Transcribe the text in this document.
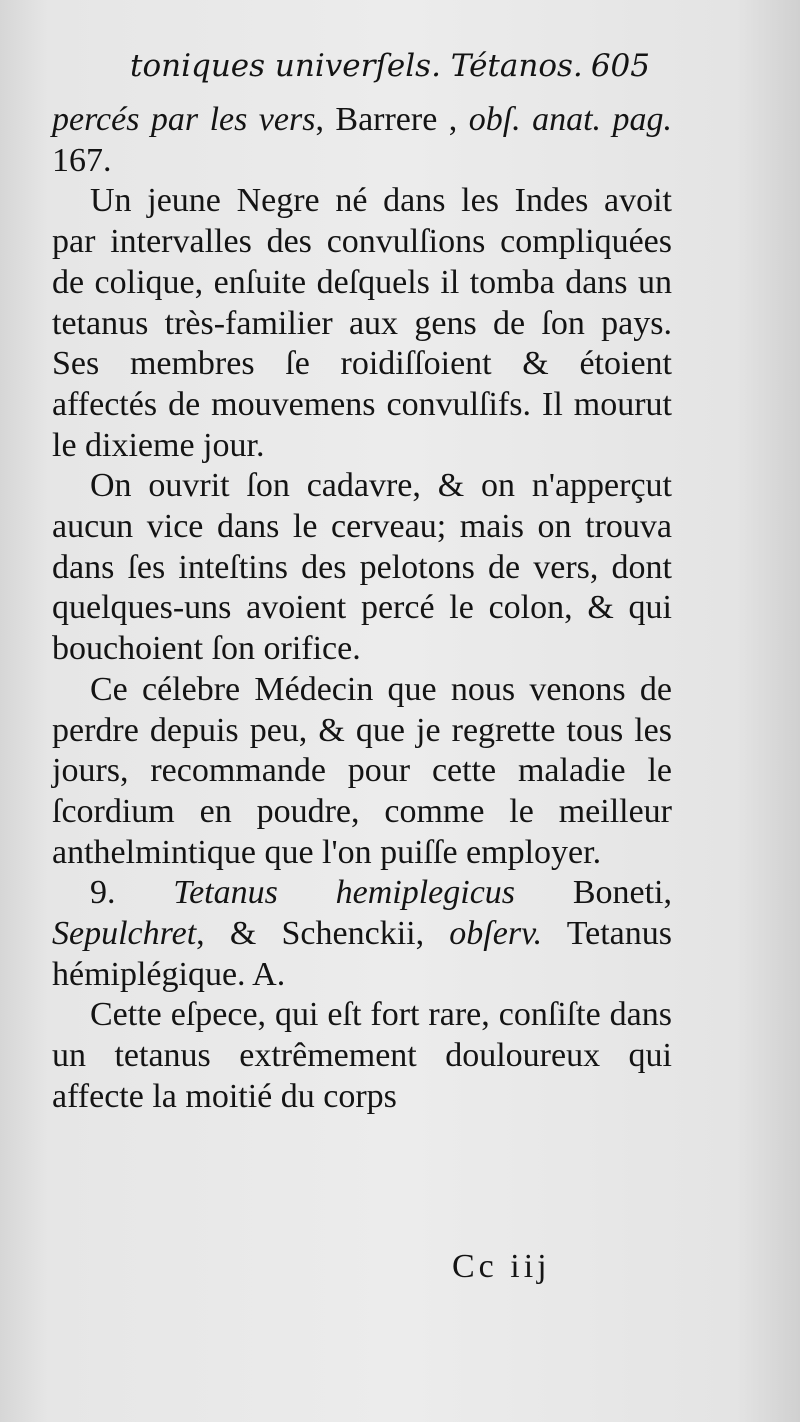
toniques univerſels. Tétanos. 605

percés par les vers, Barrere , obſ. anat. pag. 167.

Un jeune Negre né dans les Indes avoit par intervalles des convulſions compliquées de colique, enſuite deſquels il tomba dans un tetanus très-familier aux gens de ſon pays. Ses membres ſe roidiſſoient & étoient affectés de mouvemens convulſifs. Il mourut le dixieme jour.

On ouvrit ſon cadavre, & on n'apperçut aucun vice dans le cerveau; mais on trouva dans ſes inteſtins des pelotons de vers, dont quelques-uns avoient percé le colon, & qui bouchoient ſon orifice.

Ce célebre Médecin que nous venons de perdre depuis peu, & que je regrette tous les jours, recommande pour cette maladie le ſcordium en poudre, comme le meilleur anthelmintique que l'on puiſſe employer.

9. Tetanus hemiplegicus Boneti, Sepulchret, & Schenckii, obſerv. Tetanus hémiplégique. A.

Cette eſpece, qui eſt fort rare, conſiſte dans un tetanus extrêmement douloureux qui affecte la moitié du corps

Cc iij
